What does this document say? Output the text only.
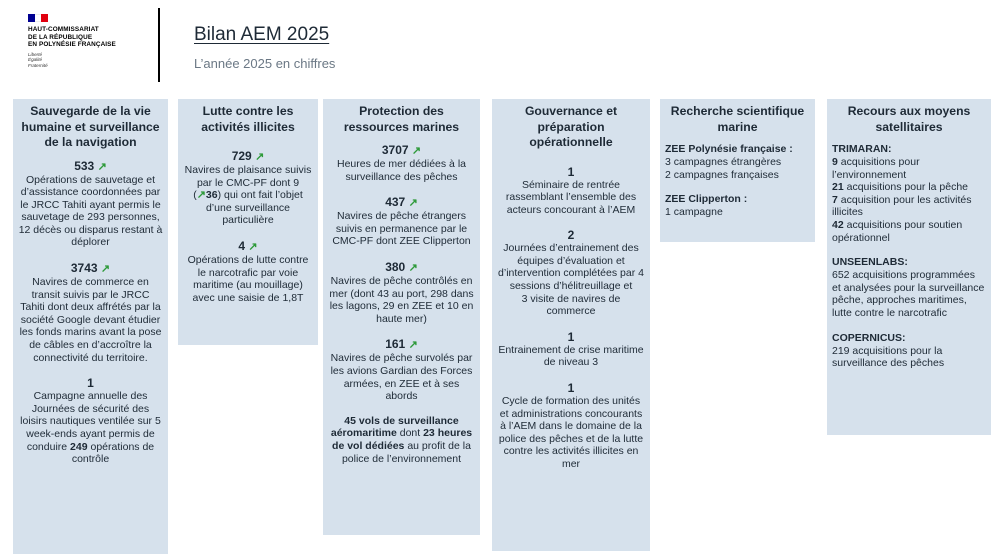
HAUT-COMMISSARIAT
DE LA RÉPUBLIQUE
EN POLYNÉSIE FRANÇAISE
Liberté
Égalité
Fraternité
Bilan AEM 2025
L’année 2025 en chiffres
Sauvegarde de la vie humaine et surveillance de la navigation
533 ↗

Opérations de sauvetage et d’assistance coordonnées par le JRCC Tahiti ayant permis le sauvetage de 293 personnes,

12 décès ou disparus restant à déplorer

3743 ↗

Navires de commerce en transit suivis par le JRCC Tahiti dont deux affrétés par la société Google devant étudier les fonds marins avant la pose de câbles en d’accroître la connectivité du territoire.

1

Campagne annuelle des Journées de sécurité des loisirs nautiques ventilée sur 5 week-ends ayant permis de conduire 249 opérations de contrôle

Lutte contre les activités illicites
729 ↗

Navires de plaisance suivis par le CMC-PF dont 9 (↗36) qui ont fait l’objet d’une surveillance particulière

4 ↗

Opérations de lutte contre le narcotrafic par voie maritime (au mouillage) avec une saisie de 1,8T

Protection des ressources marines
3707 ↗

Heures de mer dédiées à la surveillance des pêches

437 ↗

Navires de pêche étrangers suivis en permanence par le CMC-PF dont ZEE Clipperton

380 ↗

Navires de pêche contrôlés en mer (dont 43 au port, 298 dans les lagons, 29 en ZEE et 10 en haute mer)

161 ↗

Navires de pêche survolés par les avions Gardian des Forces armées, en ZEE et à ses abords

45 vols de surveillance aéromaritime dont 23 heures de vol dédiées au profit de la police de l’environnement

Gouvernance et préparation opérationnelle
1

Séminaire de rentrée rassemblant l’ensemble des acteurs concourant à l’AEM

2

Journées d’entrainement des équipes d’évaluation et d’intervention complétées par 4 sessions d’hélitreuillage et

3 visite de navires de commerce

1

Entrainement de crise maritime de niveau 3

1

Cycle de formation des unités et administrations concourants à l’AEM dans le domaine de la police des pêches et de la lutte contre les activités illicites en mer

Recherche scientifique marine
ZEE Polynésie française :

3 campagnes étrangères

2 campagnes françaises

ZEE Clipperton :

1 campagne

Recours aux moyens satellitaires
TRIMARAN:

9 acquisitions pour l’environnement

21 acquisitions pour la pêche

7 acquisition pour les activités illicites

42 acquisitions pour soutien opérationnel

UNSEENLABS:

652 acquisitions programmées et analysées pour la surveillance pêche, approches maritimes, lutte contre le narcotrafic

COPERNICUS:

219 acquisitions pour la surveillance des pêches
